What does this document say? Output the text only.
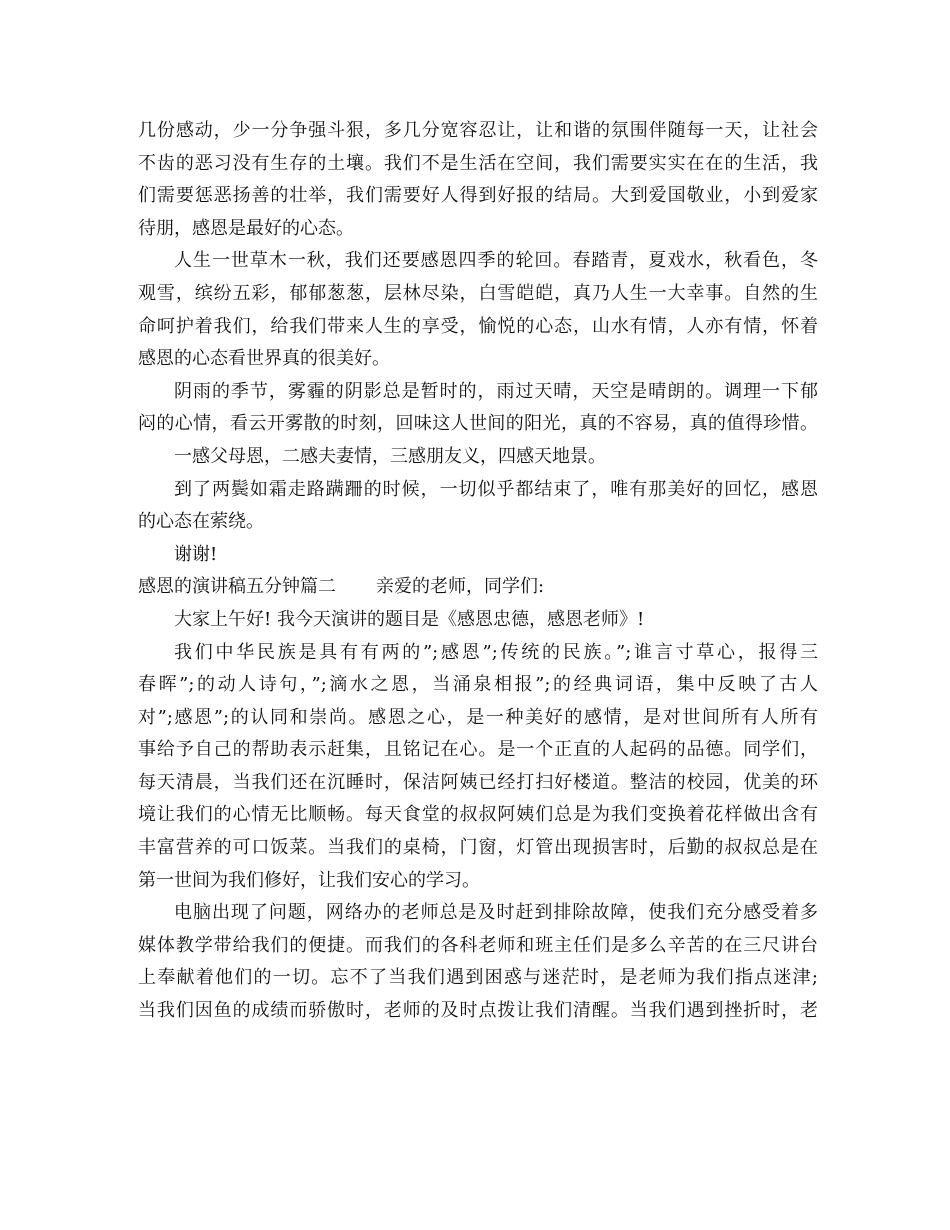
几份感动，少一分争强斗狠，多几分宽容忍让，让和谐的氛围伴随每一天，让社会
不齿的恶习没有生存的土壤。我们不是生活在空间，我们需要实实在在的生活，我
们需要惩恶扬善的壮举，我们需要好人得到好报的结局。大到爱国敬业，小到爱家
待朋，感恩是最好的心态。
人生一世草木一秋，我们还要感恩四季的轮回。春踏青，夏戏水，秋看色，冬
观雪，缤纷五彩，郁郁葱葱，层林尽染，白雪皑皑，真乃人生一大幸事。自然的生
命呵护着我们，给我们带来人生的享受，愉悦的心态，山水有情，人亦有情，怀着
感恩的心态看世界真的很美好。
阴雨的季节，雾霾的阴影总是暂时的，雨过天晴，天空是晴朗的。调理一下郁
闷的心情，看云开雾散的时刻，回味这人世间的阳光，真的不容易，真的值得珍惜。
一感父母恩，二感夫妻情，三感朋友义，四感天地景。
到了两鬓如霜走路蹒跚的时候，一切似乎都结束了，唯有那美好的回忆，感恩
的心态在萦绕。
谢谢!
感恩的演讲稿五分钟篇二 亲爱的老师，同学们:
大家上午好! 我今天演讲的题目是《感恩忠德，感恩老师》!
我们中华民族是具有有两的”;感恩”;传统的民族。”;谁言寸草心，报得三
春晖”;的动人诗句，”;滴水之恩，当涌泉相报”;的经典词语，集中反映了古人
对”;感恩”;的认同和崇尚。感恩之心，是一种美好的感情，是对世间所有人所有
事给予自己的帮助表示赶集，且铭记在心。是一个正直的人起码的品德。同学们，
每天清晨，当我们还在沉睡时，保洁阿姨已经打扫好楼道。整洁的校园，优美的环
境让我们的心情无比顺畅。每天食堂的叔叔阿姨们总是为我们变换着花样做出含有
丰富营养的可口饭菜。当我们的桌椅，门窗，灯管出现损害时，后勤的叔叔总是在
第一世间为我们修好，让我们安心的学习。
电脑出现了问题，网络办的老师总是及时赶到排除故障，使我们充分感受着多
媒体教学带给我们的便捷。而我们的各科老师和班主任们是多么辛苦的在三尺讲台
上奉献着他们的一切。忘不了当我们遇到困惑与迷茫时，是老师为我们指点迷津;
当我们因鱼的成绩而骄傲时，老师的及时点拨让我们清醒。当我们遇到挫折时，老
